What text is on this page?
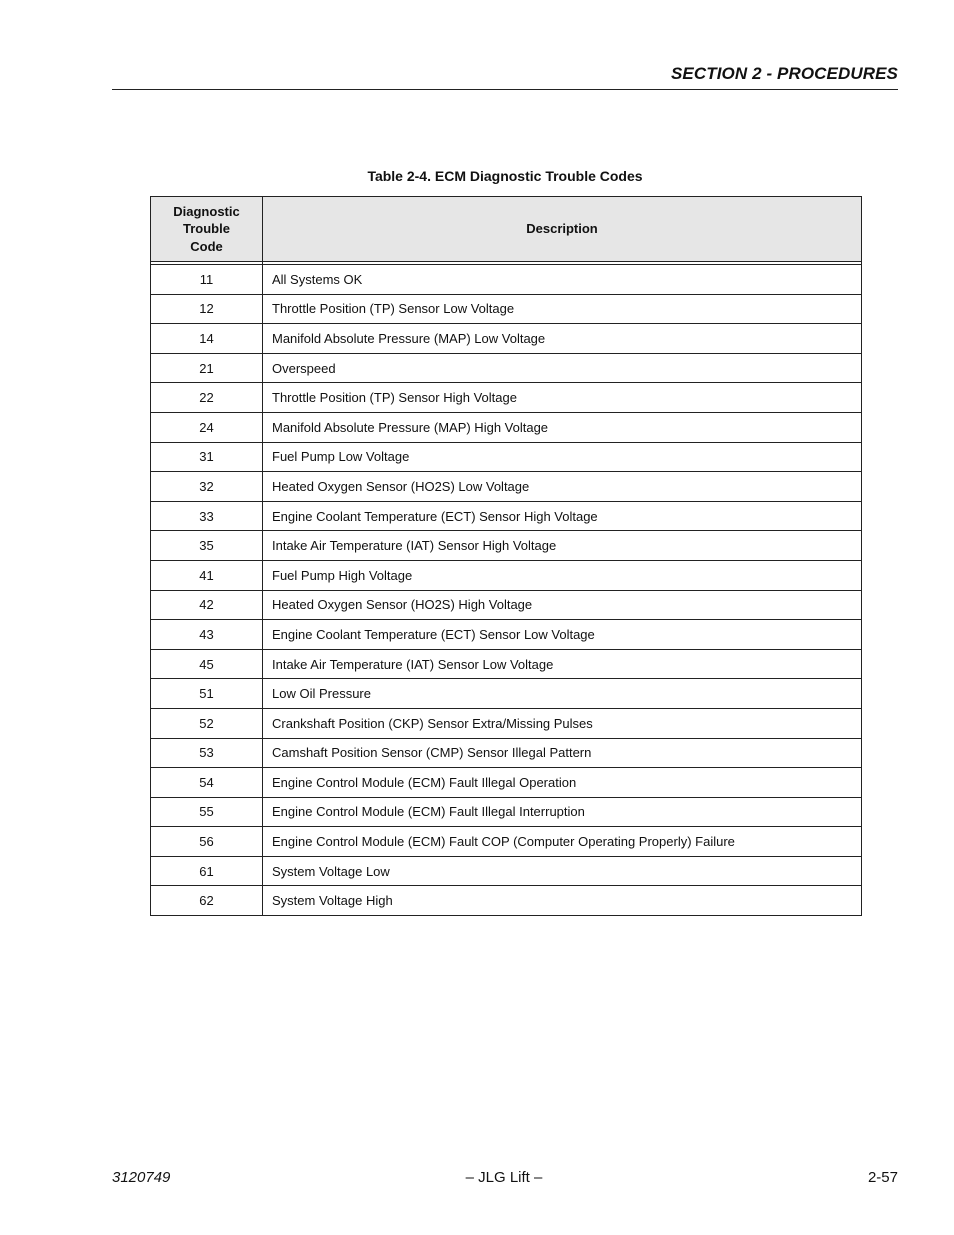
SECTION 2 - PROCEDURES
Table 2-4. ECM Diagnostic Trouble Codes
Diagnostic
Trouble
Code	Description

11	All Systems OK
12	Throttle Position (TP) Sensor Low Voltage
14	Manifold Absolute Pressure (MAP) Low Voltage
21	Overspeed
22	Throttle Position (TP) Sensor High Voltage
24	Manifold Absolute Pressure (MAP) High Voltage
31	Fuel Pump Low Voltage
32	Heated Oxygen Sensor (HO2S) Low Voltage
33	Engine Coolant Temperature (ECT) Sensor High Voltage
35	Intake Air Temperature (IAT) Sensor High Voltage
41	Fuel Pump High Voltage
42	Heated Oxygen Sensor (HO2S) High Voltage
43	Engine Coolant Temperature (ECT) Sensor Low Voltage
45	Intake Air Temperature (IAT) Sensor Low Voltage
51	Low Oil Pressure
52	Crankshaft Position (CKP) Sensor Extra/Missing Pulses
53	Camshaft Position Sensor (CMP) Sensor Illegal Pattern
54	Engine Control Module (ECM) Fault Illegal Operation
55	Engine Control Module (ECM) Fault Illegal Interruption
56	Engine Control Module (ECM) Fault COP (Computer Operating Properly) Failure
61	System Voltage Low
62	System Voltage High
3120749	– JLG Lift –	2-57
